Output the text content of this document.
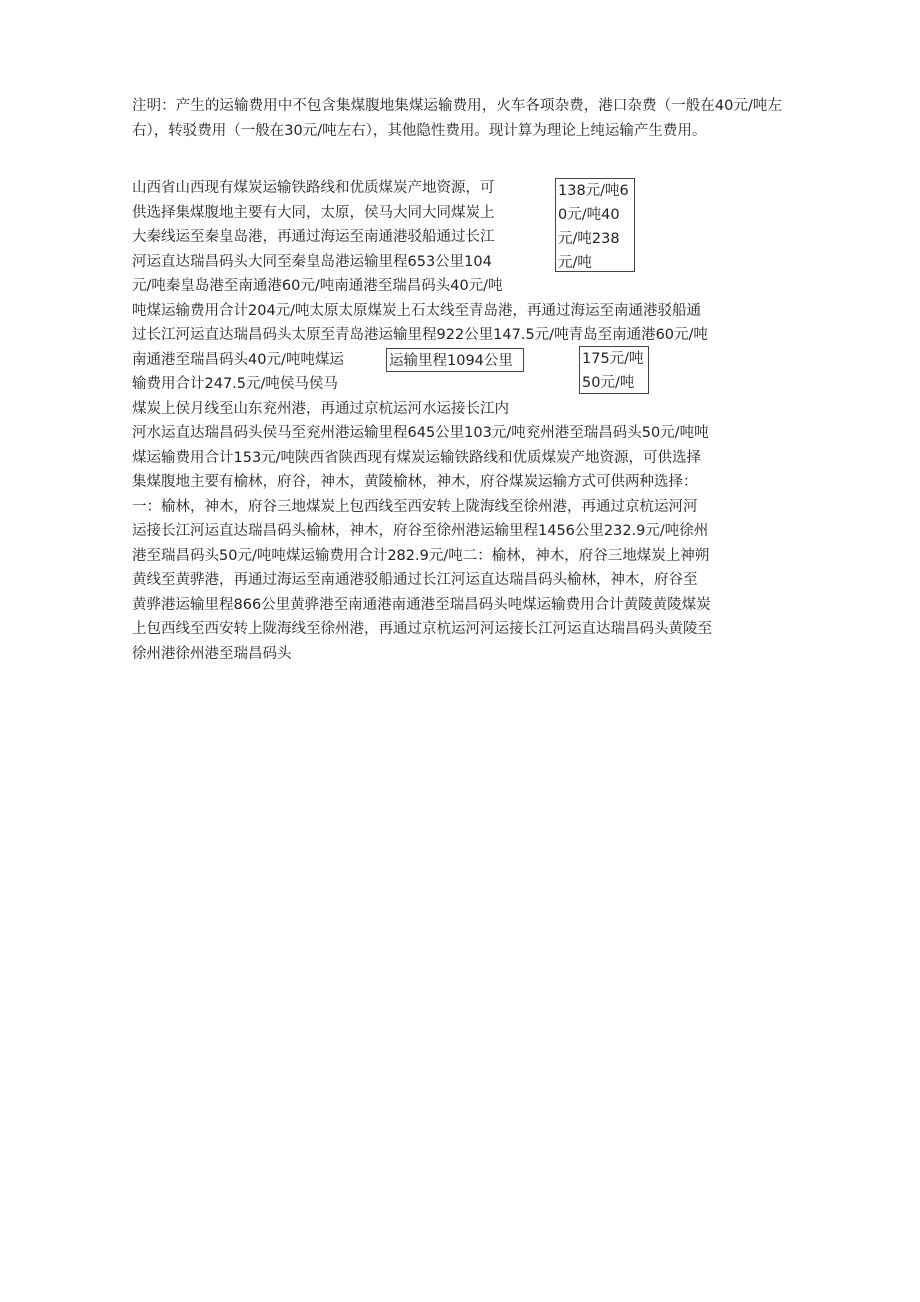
注明：产生的运输费用中不包含集煤腹地集煤运输费用，火车各项杂费，港口杂费（一般在40元/吨左右），转驳费用（一般在30元/吨左右），其他隐性费用。现计算为理论上纯运输产生费用。

山西省山西现有煤炭运输铁路线和优质煤炭产地资源，可

供选择集煤腹地主要有大同，太原，侯马大同大同煤炭上

大秦线运至秦皇岛港，再通过海运至南通港驳船通过长江

河运直达瑞昌码头大同至秦皇岛港运输里程653公里104

元/吨秦皇岛港至南通港60元/吨南通港至瑞昌码头40元/吨

吨煤运输费用合计204元/吨太原太原煤炭上石太线至青岛港，再通过海运至南通港驳船通

过长江河运直达瑞昌码头太原至青岛港运输里程922公里147.5元/吨青岛至南通港60元/吨

南通港至瑞昌码头40元/吨吨煤运

输费用合计247.5元/吨侯马侯马

煤炭上侯月线至山东兖州港，再通过京杭运河水运接长江内

河水运直达瑞昌码头侯马至兖州港运输里程645公里103元/吨兖州港至瑞昌码头50元/吨吨

煤运输费用合计153元/吨陕西省陕西现有煤炭运输铁路线和优质煤炭产地资源，可供选择

集煤腹地主要有榆林，府谷，神木，黄陵榆林，神木，府谷煤炭运输方式可供两种选择：

一：榆林，神木，府谷三地煤炭上包西线至西安转上陇海线至徐州港，再通过京杭运河河

运接长江河运直达瑞昌码头榆林，神木，府谷至徐州港运输里程1456公里232.9元/吨徐州

港至瑞昌码头50元/吨吨煤运输费用合计282.9元/吨二：榆林，神木，府谷三地煤炭上神朔

黄线至黄骅港，再通过海运至南通港驳船通过长江河运直达瑞昌码头榆林，神木，府谷至

黄骅港运输里程866公里黄骅港至南通港南通港至瑞昌码头吨煤运输费用合计黄陵黄陵煤炭

上包西线至西安转上陇海线至徐州港，再通过京杭运河河运接长江河运直达瑞昌码头黄陵至

徐州港徐州港至瑞昌码头

138元/吨60元/吨40元/吨238元/吨
运输里程1094公里	175元/吨50元/吨
